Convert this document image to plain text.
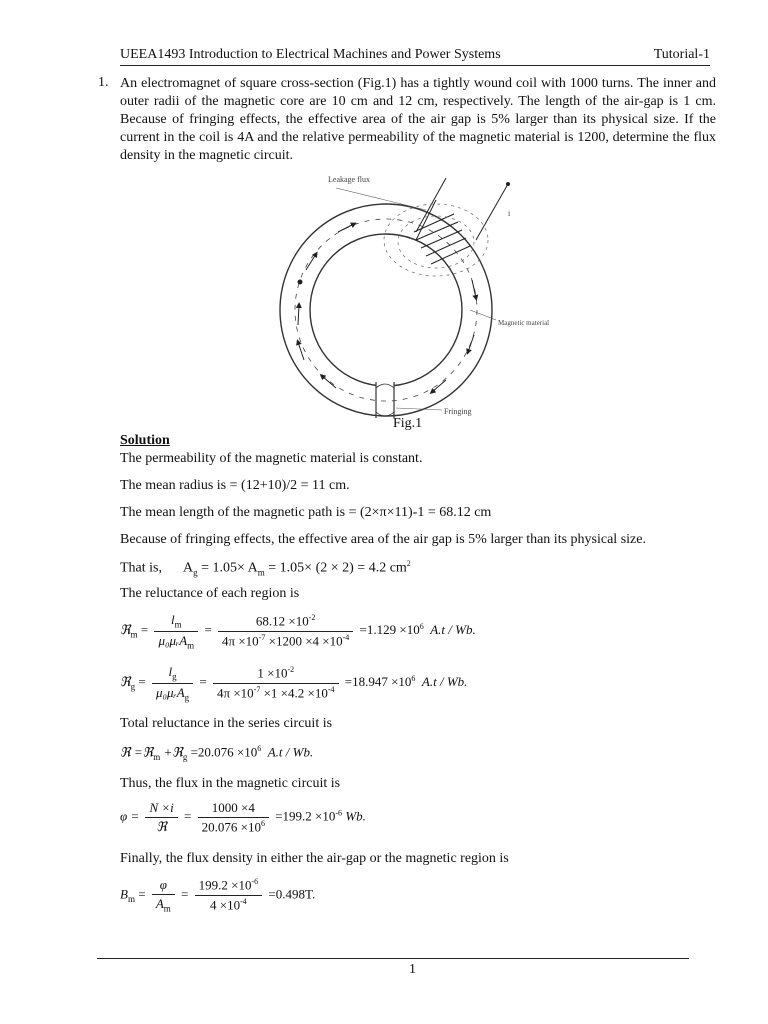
UEEA1493 Introduction to Electrical Machines and Power Systems	Tutorial-1
1. An electromagnet of square cross-section (Fig.1) has a tightly wound coil with 1000 turns. The inner and outer radii of the magnetic core are 10 cm and 12 cm, respectively. The length of the air-gap is 1 cm. Because of fringing effects, the effective area of the air gap is 5% larger than its physical size. If the current in the coil is 4A and the relative permeability of the magnetic material is 1200, determine the flux density in the magnetic circuit.
Leakage flux
i
Magnetic material
Fringing
Fig.1
Solution
The permeability of the magnetic material is constant.
The mean radius is = (12+10)/2 = 11 cm.
The mean length of the magnetic path is = (2×π×11)-1 = 68.12 cm
Because of fringing effects, the effective area of the air gap is 5% larger than its physical size.
That is, $A_g = 1.05\times A_m = 1.05\times (2 \times 2) = 4.2$ $cm^2$
The reluctance of each region is
ℜ$_m$ = $\frac{l_m}{\mu_0\mu ᵣA_m} = \frac{68.12 \times 10^{-2}}{4\pi \times 10^{-7} \times 1200 \times 4 \times 10^{-4}} =1.129 \times 10^6$ A.t / Wb.
ℜ$_g$ = $\frac{l_g}{\mu_0\mu ᵣA_g} = \frac{1 \times 10^{-2}}{4\pi \times 10^{-7} \times 1 \times 4.2 \times 10^{-4}} =18.947 \times 10^6$ A.t / Wb.
Total reluctance in the series circuit is
ℜ =ℜ$_m$ +ℜ$_g$ $=20.076 \times 10^6$ A.t / Wb.
Thus, the flux in the magnetic circuit is
$\varphi = \frac{N \times i}{\text{ℜ}} = \frac{1000 \times 4}{20.076 \times 10^6} =199.2 \times 10^{-6}$ Wb.
Finally, the flux density in either the air-gap or the magnetic region is
$B_m = \frac{\varphi}{A_m} = \frac{199.2 \times 10^{-6}}{4 \times 10^{-4}} =0.498T$.
1
